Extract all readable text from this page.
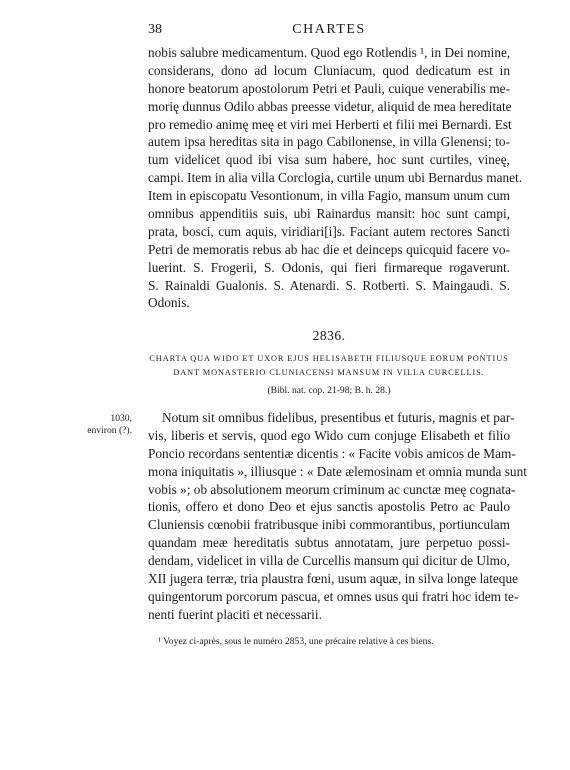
38	CHARTES
nobis salubre medicamentum. Quod ego Rotlendis ¹, in Dei nomine,
considerans, dono ad locum Cluniacum, quod dedicatum est in
honore beatorum apostolorum Petri et Pauli, cuique venerabilis me-
morię dunnus Odilo abbas preesse videtur, aliquid de mea hereditate
pro remedio animę meę et viri mei Herberti et filii mei Bernardi. Est
autem ipsa hereditas sita in pago Cabilonense, in villa Glenensi; to-
tum videlicet quod ibi visa sum habere, hoc sunt curtiles, vineę,
campi. Item in alia villa Corclogia, curtile unum ubi Bernardus manet.
Item in episcopatu Vesontionum, in villa Fagio, mansum unum cum
omnibus appenditiis suis, ubi Rainardus mansit: hoc sunt campi,
prata, bosci, cum aquis, viridiari[i]s. Faciant autem rectores Sancti
Petri de memoratis rebus ab hac die et deinceps quicquid facere vo-
luerint. S. Frogerii, S. Odonis, qui fieri firmareque rogaverunt.
S. Rainaldi Gualonis. S. Atenardi. S. Rotberti. S. Maingaudi. S.
Odonis.
2836.
CHARTA QUA WIDO ET UXOR EJUS HELISABETH FILIUSQUE EORUM PONTIUS
DANT MONASTERIO CLUNIACENSI MANSUM IN VILLA CURCELLIS.
(Bibl. nat. cop. 21-98; B. h. 28.)
1030,
environ (?).
Notum sit omnibus fidelibus, presentibus et futuris, magnis et par-
vis, liberis et servis, quod ego Wido cum conjuge Elisabeth et filio
Poncio recordans sententiæ dicentis : « Facite vobis amicos de Mam-
mona iniquitatis », illiusque : « Date ælemosinam et omnia munda sunt
vobis »; ob absolutionem meorum criminum ac cunctæ meę cognata-
tionis, offero et dono Deo et ejus sanctis apostolis Petro ac Paulo
Cluniensis cœnobii fratribusque inibi commorantibus, portiunculam
quandam meæ hereditatis subtus annotatam, jure perpetuo possi-
dendam, videlicet in villa de Curcellis mansum qui dicitur de Ulmo,
XII jugera terræ, tria plaustra fœni, usum aquæ, in silva longe lateque
quingentorum porcorum pascua, et omnes usus qui fratri hoc idem te-
nenti fuerint placiti et necessarii.
¹ Voyez ci-après, sous le numéro 2853, une précaire relative à ces biens.
